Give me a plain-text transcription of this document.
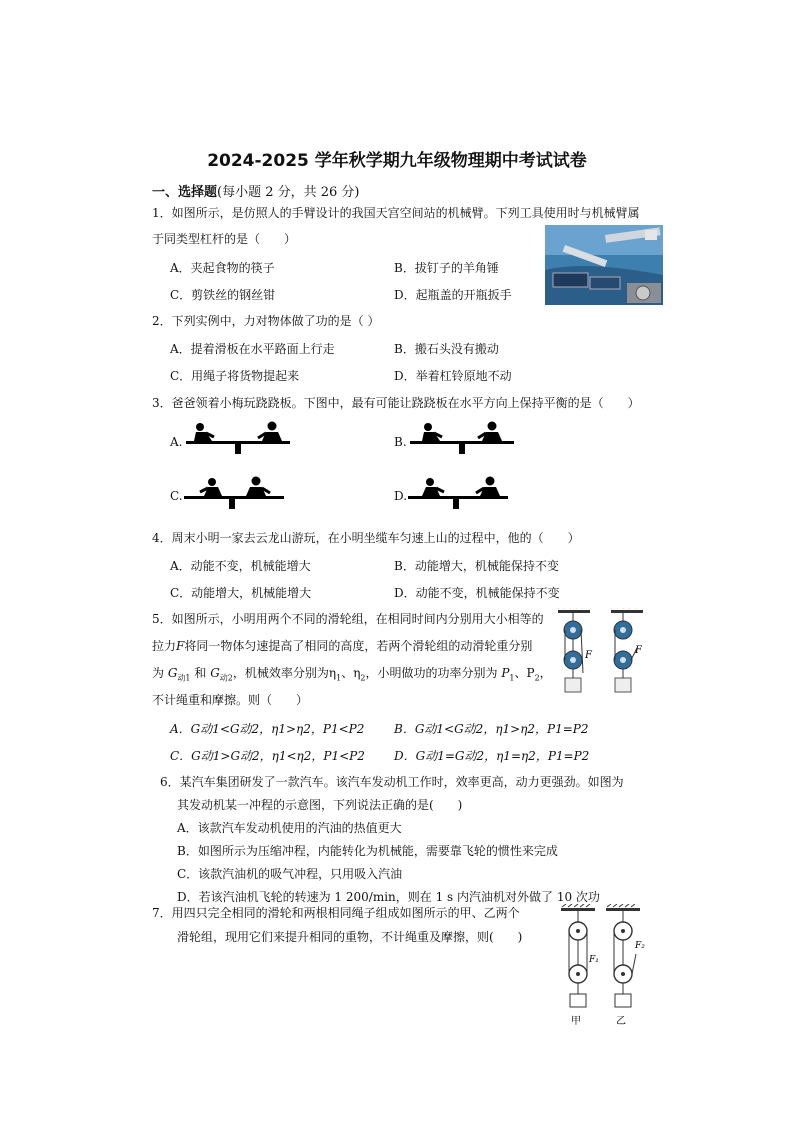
2024-2025 学年秋学期九年级物理期中考试试卷
一、选择题(每小题 2 分，共 26 分)
1．如图所示，是仿照人的手臂设计的我国天宫空间站的机械臂。下列工具使用时与机械臂属
于同类型杠杆的是（　　）
A．夹起食物的筷子	B．拔钉子的羊角锤
C．剪铁丝的钢丝钳	D．起瓶盖的开瓶扳手
2．下列实例中，力对物体做了功的是（ ）
A．提着滑板在水平路面上行走	B．搬石头没有搬动
C．用绳子将货物提起来	D．举着杠铃原地不动
3．爸爸领着小梅玩跷跷板。下图中，最有可能让跷跷板在水平方向上保持平衡的是（　　）
A.	B.
C.	D.
4．周末小明一家去云龙山游玩，在小明坐缆车匀速上山的过程中，他的（　　）
A．动能不变，机械能增大	B．动能增大，机械能保持不变
C．动能增大，机械能增大	D．动能不变，机械能保持不变
5．如图所示，小明用两个不同的滑轮组，在相同时间内分别用大小相等的
拉力F将同一物体匀速提高了相同的高度，若两个滑轮组的动滑轮重分别
为 $G_{动1}$ 和 $G_{动2}$，机械效率分别为$\eta_1$、$\eta_2$，小明做功的功率分别为 $P_1$、$P_2$，
不计绳重和摩擦。则（　　）
A．G动1<G动2，η1>η2，P1<P2 B．G动1<G动2，η1>η2，P1=P2
C．G动1>G动2，η1<η2，P1<P2 D．G动1=G动2，η1=η2，P1=P2
F	F
6．某汽车集团研发了一款汽车。该汽车发动机工作时，效率更高，动力更强劲。如图为
其发动机某一冲程的示意图，下列说法正确的是(　　)
A．该款汽车发动机使用的汽油的热值更大
B．如图所示为压缩冲程，内能转化为机械能，需要靠飞轮的惯性来完成
C．该款汽油机的吸气冲程，只用吸入汽油
D．若该汽油机飞轮的转速为 1 200/min，则在 1 s 内汽油机对外做了 10 次功
7．用四只完全相同的滑轮和两根相同绳子组成如图所示的甲、乙两个
滑轮组，现用它们来提升相同的重物，不计绳重及摩擦，则(　　)
F₁
甲
F₂
乙
